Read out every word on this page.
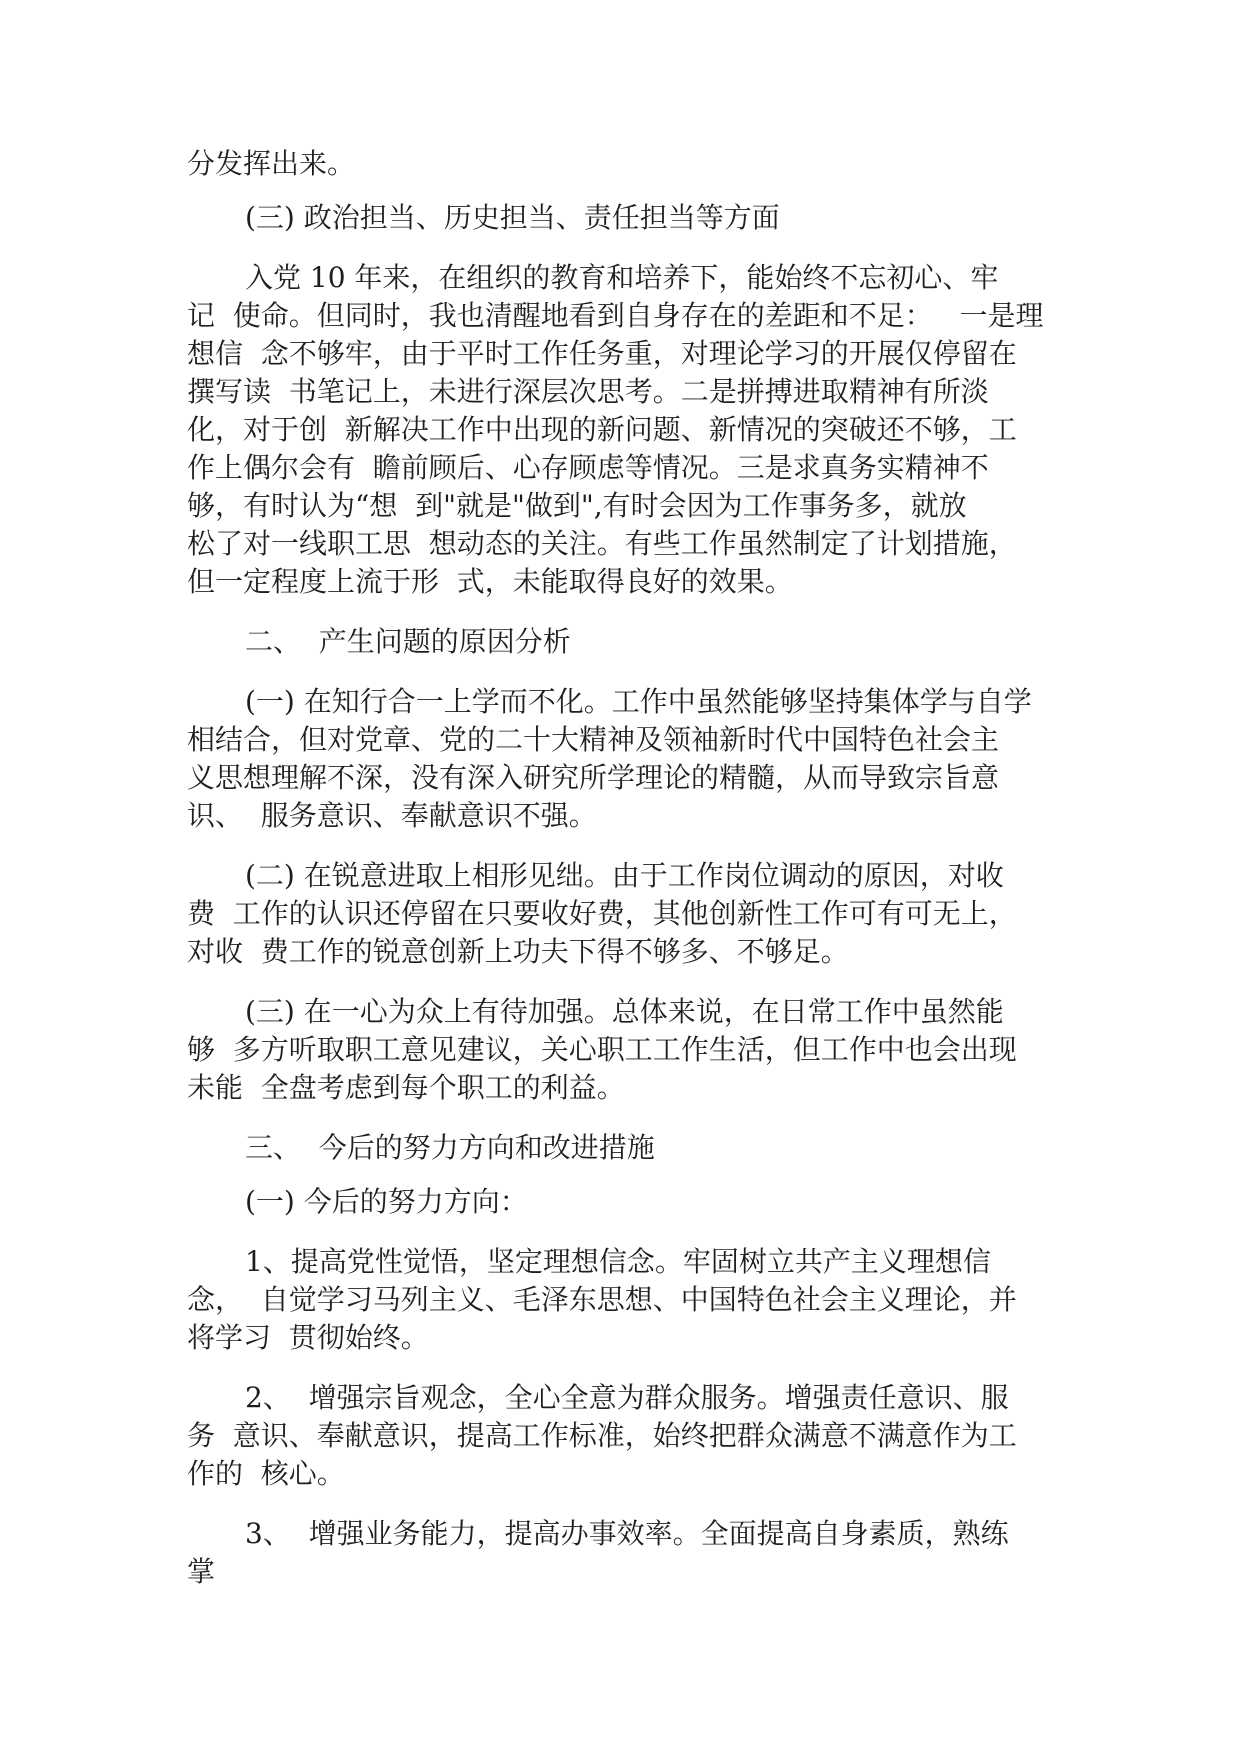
分发挥出来。
(三) 政治担当、历史担当、责任担当等方面
入党 10 年来，在组织的教育和培养下，能始终不忘初心、牢
记  使命。但同时，我也清醒地看到自身存在的差距和不足：   一是理
想信  念不够牢，由于平时工作任务重，对理论学习的开展仅停留在
撰写读  书笔记上，未进行深层次思考。二是拼搏进取精神有所淡
化，对于创  新解决工作中出现的新问题、新情况的突破还不够，工
作上偶尔会有  瞻前顾后、心存顾虑等情况。三是求真务实精神不
够，有时认为“想  到"就是"做到",有时会因为工作事务多，就放
松了对一线职工思  想动态的关注。有些工作虽然制定了计划措施，
但一定程度上流于形  式，未能取得良好的效果。
二、  产生问题的原因分析
(一) 在知行合一上学而不化。工作中虽然能够坚持集体学与自学
相结合，但对党章、党的二十大精神及领袖新时代中国特色社会主
义思想理解不深，没有深入研究所学理论的精髓，从而导致宗旨意
识、  服务意识、奉献意识不强。
(二) 在锐意进取上相形见绌。由于工作岗位调动的原因，对收
费  工作的认识还停留在只要收好费，其他创新性工作可有可无上，
对收  费工作的锐意创新上功夫下得不够多、不够足。
(三) 在一心为众上有待加强。总体来说，在日常工作中虽然能
够  多方听取职工意见建议，关心职工工作生活，但工作中也会出现
未能  全盘考虑到每个职工的利益。
三、  今后的努力方向和改进措施
(一) 今后的努力方向：
1、提高党性觉悟，坚定理想信念。牢固树立共产主义理想信
念，  自觉学习马列主义、毛泽东思想、中国特色社会主义理论，并
将学习  贯彻始终。
2、  增强宗旨观念，全心全意为群众服务。增强责任意识、服
务  意识、奉献意识，提高工作标准，始终把群众满意不满意作为工
作的  核心。
3、  增强业务能力，提高办事效率。全面提高自身素质，熟练
掌
